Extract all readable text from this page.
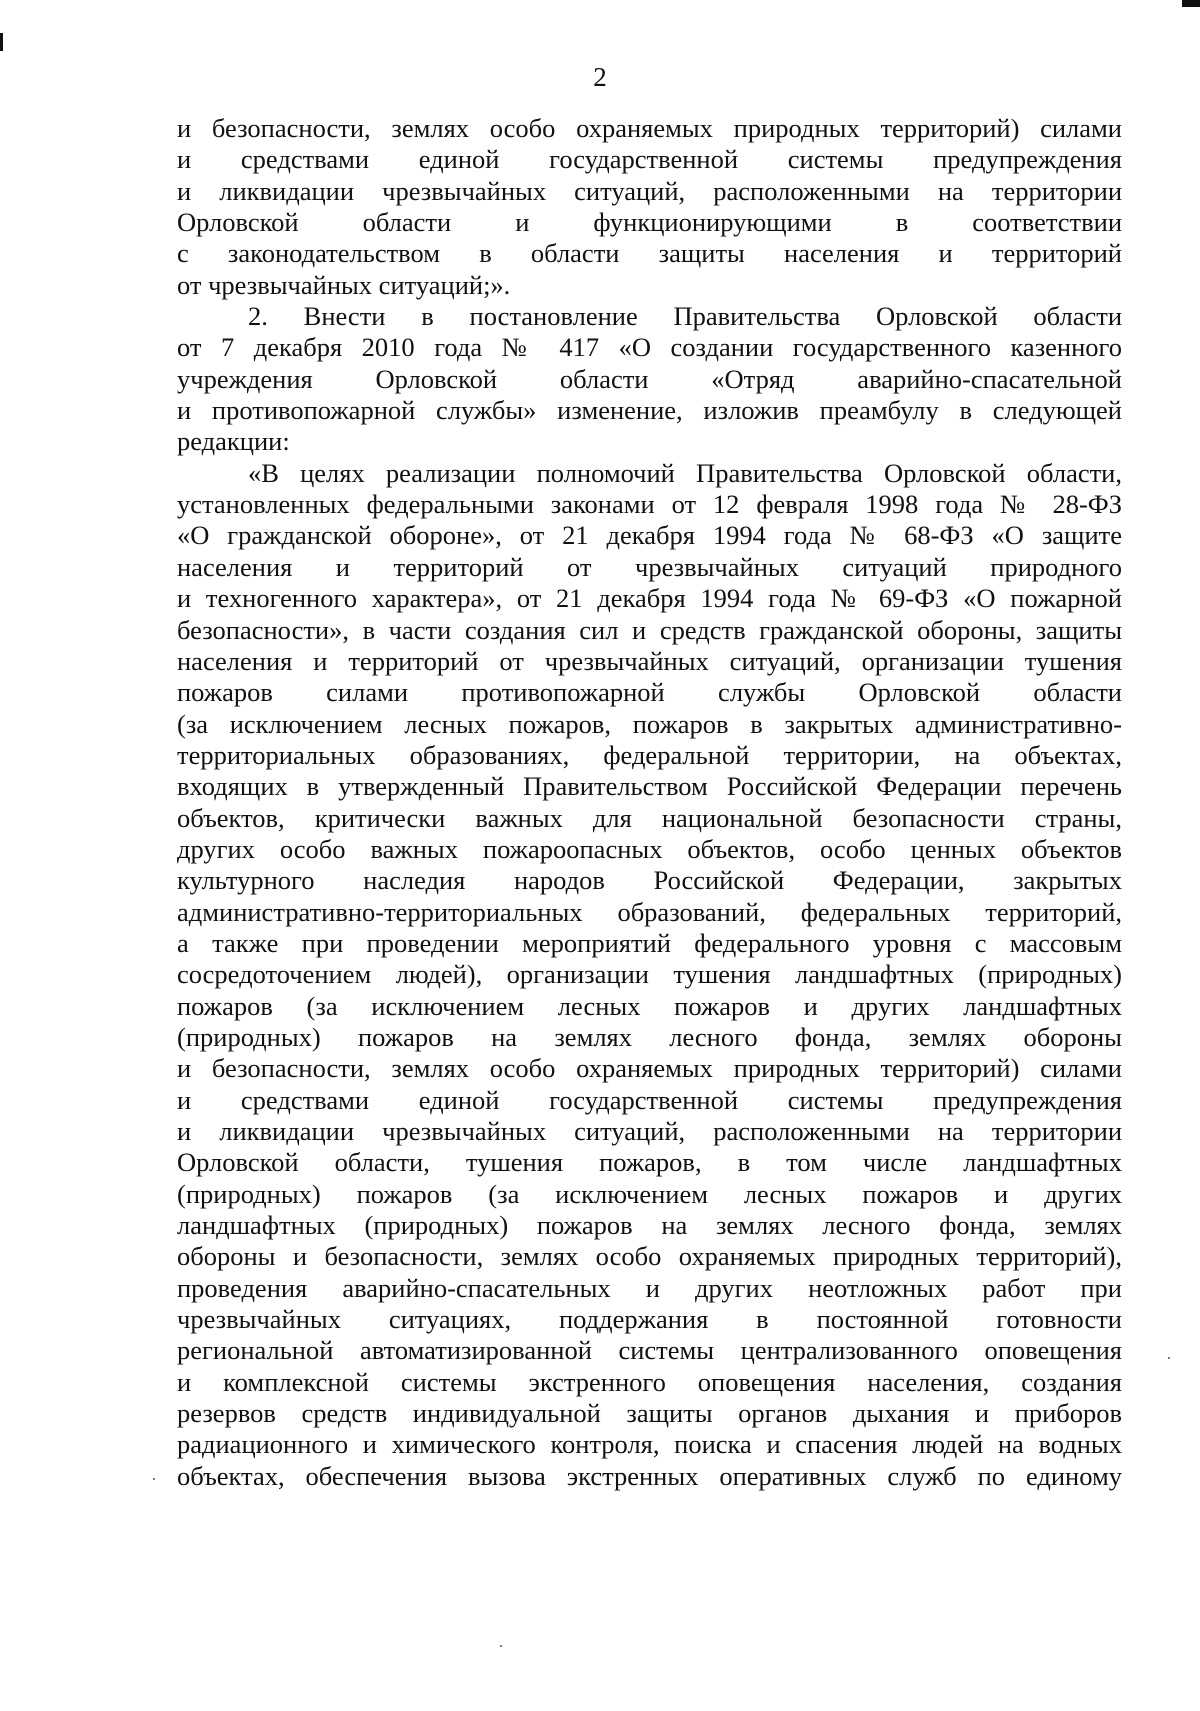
2
и безопасности, землях особо охраняемых природных территорий) силами
и средствами единой государственной системы предупреждения
и ликвидации чрезвычайных ситуаций, расположенными на территории
Орловской области и функционирующими в соответствии
с законодательством в области защиты населения и территорий
от чрезвычайных ситуаций;».
2. Внести в постановление Правительства Орловской области
от 7 декабря 2010 года № 417 «О создании государственного казенного
учреждения Орловской области «Отряд аварийно-спасательной
и противопожарной службы» изменение, изложив преамбулу в следующей
редакции:
«В целях реализации полномочий Правительства Орловской области,
установленных федеральными законами от 12 февраля 1998 года № 28-ФЗ
«О гражданской обороне», от 21 декабря 1994 года № 68-ФЗ «О защите
населения и территорий от чрезвычайных ситуаций природного
и техногенного характера», от 21 декабря 1994 года № 69-ФЗ «О пожарной
безопасности», в части создания сил и средств гражданской обороны, защиты
населения и территорий от чрезвычайных ситуаций, организации тушения
пожаров силами противопожарной службы Орловской области
(за исключением лесных пожаров, пожаров в закрытых административно-
территориальных образованиях, федеральной территории, на объектах,
входящих в утвержденный Правительством Российской Федерации перечень
объектов, критически важных для национальной безопасности страны,
других особо важных пожароопасных объектов, особо ценных объектов
культурного наследия народов Российской Федерации, закрытых
административно-территориальных образований, федеральных территорий,
а также при проведении мероприятий федерального уровня с массовым
сосредоточением людей), организации тушения ландшафтных (природных)
пожаров (за исключением лесных пожаров и других ландшафтных
(природных) пожаров на землях лесного фонда, землях обороны
и безопасности, землях особо охраняемых природных территорий) силами
и средствами единой государственной системы предупреждения
и ликвидации чрезвычайных ситуаций, расположенными на территории
Орловской области, тушения пожаров, в том числе ландшафтных
(природных) пожаров (за исключением лесных пожаров и других
ландшафтных (природных) пожаров на землях лесного фонда, землях
обороны и безопасности, землях особо охраняемых природных территорий),
проведения аварийно-спасательных и других неотложных работ при
чрезвычайных ситуациях, поддержания в постоянной готовности
региональной автоматизированной системы централизованного оповещения
и комплексной системы экстренного оповещения населения, создания
резервов средств индивидуальной защиты органов дыхания и приборов
радиационного и химического контроля, поиска и спасения людей на водных
объектах, обеспечения вызова экстренных оперативных служб по единому
